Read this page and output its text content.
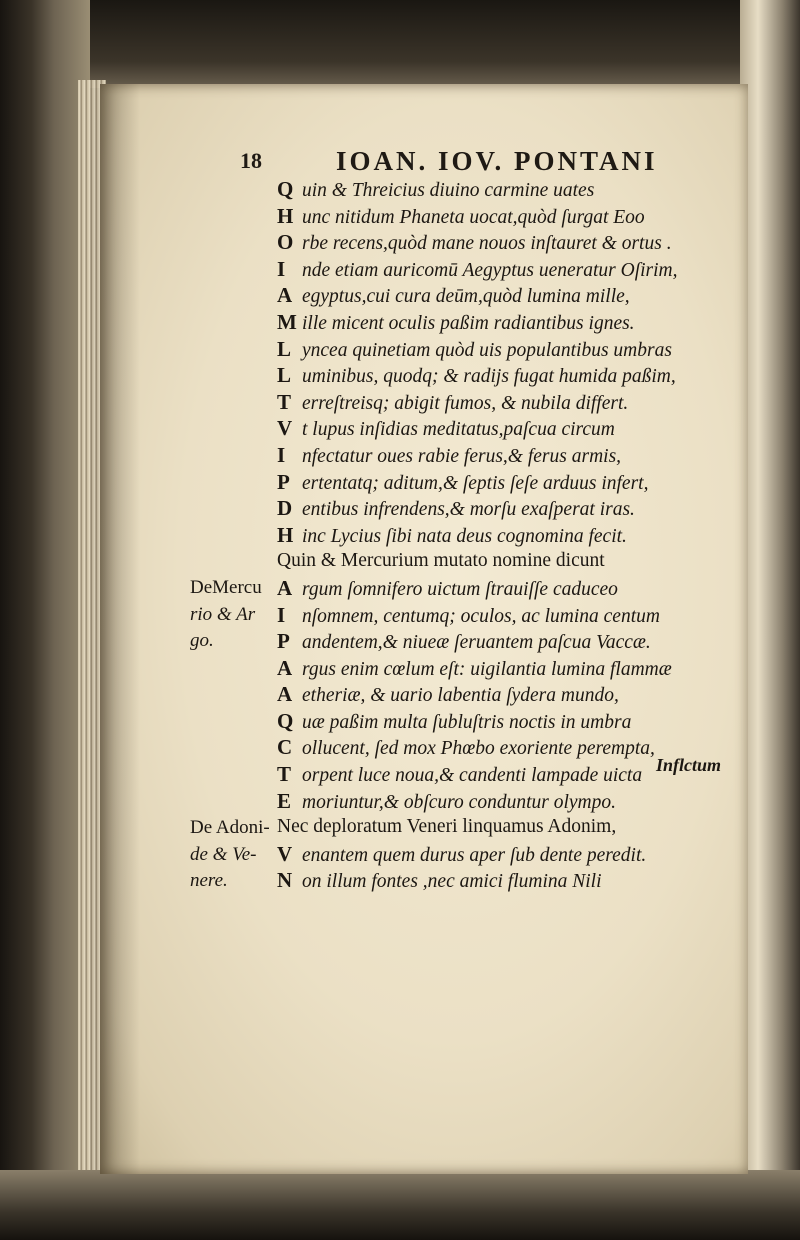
18	IOAN. IOV. PONTANI
Q uin & Threicius diuino carmine uates
H unc nitidum Phaneta uocat,quòd ſurgat Eoo
O rbe recens,quòd mane nouos inſtauret & ortus .
I nde etiam auricomū Aegyptus ueneratur Oſirim,
A egyptus,cui cura deūm,quòd lumina mille,
M ille micent oculis paßim radiantibus ignes.
L yncea quinetiam quòd uis populantibus umbras
L uminibus, quodq; & radijs fugat humida paßim,
T erreſtreisq; abigit fumos, & nubila differt.
V t lupus inſidias meditatus,paſcua circum
I nfectatur oues rabie ferus,& ferus armis,
P ertentatq; aditum,& ſeptis ſeſe arduus infert,
D entibus infrendens,& morſu exaſperat iras.
H inc Lycius ſibi nata deus cognomina fecit.
Quin & Mercurium mutato nomine dicunt
A rgum ſomnifero uictum ſtrauiſſe caduceo
I nſomnem, centumq; oculos, ac lumina centum
P andentem,& niueæ ſeruantem paſcua Vaccæ.
A rgus enim cœlum eſt: uigilantia lumina flammæ
A etheriæ, & uario labentia ſydera mundo,
Q uæ paßim multa ſubluſtris noctis in umbra
C ollucent, ſed mox Phœbo exoriente perempta,
T orpent luce noua,& candenti lampade uicta
E moriuntur,& obſcuro conduntur olympo.
Nec deploratum Veneri linquamus Adonim,
V enantem quem durus aper ſub dente peredit.
N on illum fontes ,nec amici flumina Nili
DeMercu
rio & Ar
go.
De Adoni-
de & Ve-
nere.
Inflctum
